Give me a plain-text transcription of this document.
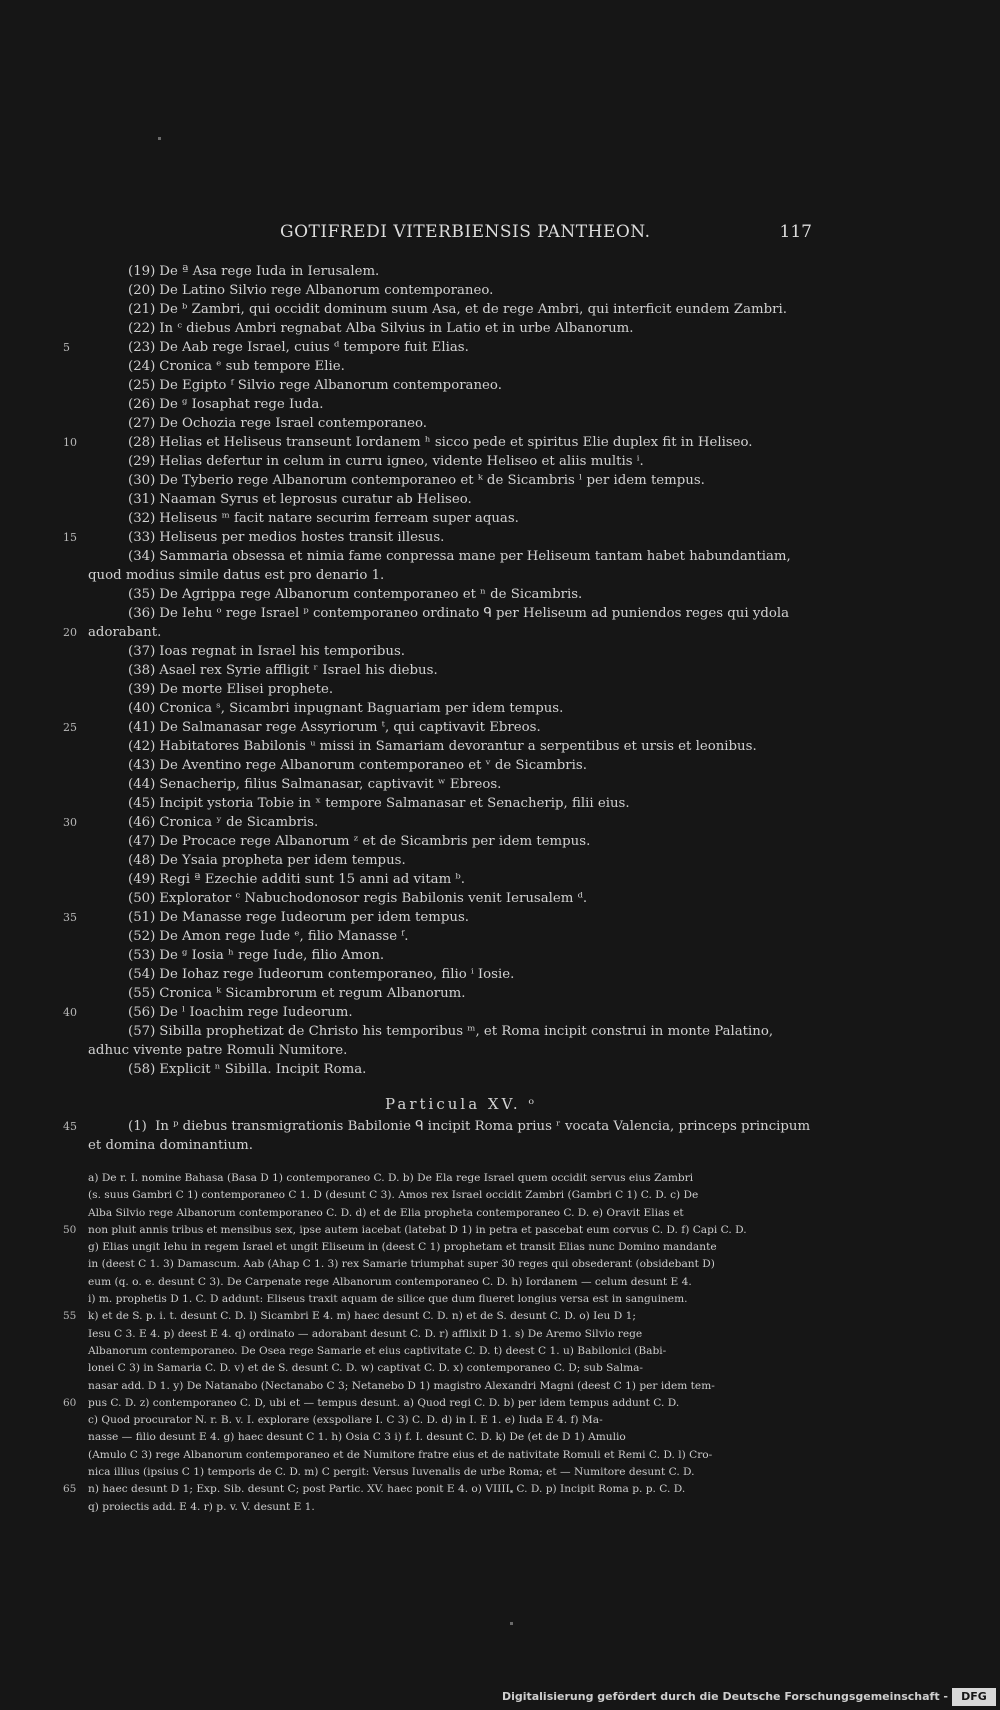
GOTIFREDI VITERBIENSIS PANTHEON.	117
(19) De ª Asa rege Iuda in Ierusalem.
(20) De Latino Silvio rege Albanorum contemporaneo.
(21) De ᵇ Zambri, qui occidit dominum suum Asa, et de rege Ambri, qui interficit eundem Zambri.
(22) In ᶜ diebus Ambri regnabat Alba Silvius in Latio et in urbe Albanorum.
5	(23) De Aab rege Israel, cuius ᵈ tempore fuit Elias.
(24) Cronica ᵉ sub tempore Elie.
(25) De Egipto ᶠ Silvio rege Albanorum contemporaneo.
(26) De ᵍ Iosaphat rege Iuda.
(27) De Ochozia rege Israel contemporaneo.
10	(28) Helias et Heliseus transeunt Iordanem ʰ sicco pede et spiritus Elie duplex fit in Heliseo.
(29) Helias defertur in celum in curru igneo, vidente Heliseo et aliis multis ⁱ.
(30) De Tyberio rege Albanorum contemporaneo et ᵏ de Sicambris ˡ per idem tempus.
(31) Naaman Syrus et leprosus curatur ab Heliseo.
(32) Heliseus ᵐ facit natare securim ferream super aquas.
15	(33) Heliseus per medios hostes transit illesus.
(34) Sammaria obsessa et nimia fame conpressa mane per Heliseum tantam habet habundantiam,
quod modius simile datus est pro denario 1.
(35) De Agrippa rege Albanorum contemporaneo et ⁿ de Sicambris.
(36) De Iehu ᵒ rege Israel ᵖ contemporaneo ordinato ᑫ per Heliseum ad puniendos reges qui ydola
20 adorabant.
(37) Ioas regnat in Israel his temporibus.
(38) Asael rex Syrie affligit ʳ Israel his diebus.
(39) De morte Elisei prophete.
(40) Cronica ˢ, Sicambri inpugnant Baguariam per idem tempus.
25	(41) De Salmanasar rege Assyriorum ᵗ, qui captivavit Ebreos.
(42) Habitatores Babilonis ᵘ missi in Samariam devorantur a serpentibus et ursis et leonibus.
(43) De Aventino rege Albanorum contemporaneo et ᵛ de Sicambris.
(44) Senacherip, filius Salmanasar, captivavit ʷ Ebreos.
(45) Incipit ystoria Tobie in ˣ tempore Salmanasar et Senacherip, filii eius.
30	(46) Cronica ʸ de Sicambris.
(47) De Procace rege Albanorum ᶻ et de Sicambris per idem tempus.
(48) De Ysaia propheta per idem tempus.
(49) Regi ª Ezechie additi sunt 15 anni ad vitam ᵇ.
(50) Explorator ᶜ Nabuchodonosor regis Babilonis venit Ierusalem ᵈ.
35	(51) De Manasse rege Iudeorum per idem tempus.
(52) De Amon rege Iude ᵉ, filio Manasse ᶠ.
(53) De ᵍ Iosia ʰ rege Iude, filio Amon.
(54) De Iohaz rege Iudeorum contemporaneo, filio ⁱ Iosie.
(55) Cronica ᵏ Sicambrorum et regum Albanorum.
40	(56) De ˡ Ioachim rege Iudeorum.
(57) Sibilla prophetizat de Christo his temporibus ᵐ, et Roma incipit construi in monte Palatino,
adhuc vivente patre Romuli Numitore.
(58) Explicit ⁿ Sibilla. Incipit Roma.
Particula XV. ᵒ
45	(1) In ᵖ diebus transmigrationis Babilonie ᑫ incipit Roma prius ʳ vocata Valencia, princeps principum
et domina dominantium.
a) De r. I. nomine Bahasa (Basa D 1) contemporaneo C. D. b) De Ela rege Israel quem occidit servus eius Zambri
(s. suus Gambri C 1) contemporaneo C 1. D (desunt C 3). Amos rex Israel occidit Zambri (Gambri C 1) C. D. c) De
Alba Silvio rege Albanorum contemporaneo C. D. d) et de Elia propheta contemporaneo C. D. e) Oravit Elias et
50 non pluit annis tribus et mensibus sex, ipse autem iacebat (latebat D 1) in petra et pascebat eum corvus C. D. f) Capi C. D.
g) Elias ungit Iehu in regem Israel et ungit Eliseum in (deest C 1) prophetam et transit Elias nunc Domino mandante
in (deest C 1. 3) Damascum. Aab (Ahap C 1. 3) rex Samarie triumphat super 30 reges qui obsederant (obsidebant D)
eum (q. o. e. desunt C 3). De Carpenate rege Albanorum contemporaneo C. D. h) Iordanem — celum desunt E 4.
i) m. prophetis D 1. C. D addunt: Eliseus traxit aquam de silice que dum flueret longius versa est in sanguinem.
55 k) et de S. p. i. t. desunt C. D. l) Sicambri E 4. m) haec desunt C. D. n) et de S. desunt C. D. o) Ieu D 1;
Iesu C 3. E 4. p) deest E 4. q) ordinato — adorabant desunt C. D. r) afflixit D 1. s) De Aremo Silvio rege
Albanorum contemporaneo. De Osea rege Samarie et eius captivitate C. D. t) deest C 1. u) Babilonici (Babi-
lonei C 3) in Samaria C. D. v) et de S. desunt C. D. w) captivat C. D. x) contemporaneo C. D; sub Salma-
nasar add. D 1. y) De Natanabo (Nectanabo C 3; Netanebo D 1) magistro Alexandri Magni (deest C 1) per idem tem-
60 pus C. D. z) contemporaneo C. D, ubi et — tempus desunt. a) Quod regi C. D. b) per idem tempus addunt C. D.
c) Quod procurator N. r. B. v. I. explorare (exspoliare I. C 3) C. D. d) in I. E 1. e) Iuda E 4. f) Ma-
nasse — filio desunt E 4. g) haec desunt C 1. h) Osia C 3 i) f. I. desunt C. D. k) De (et de D 1) Amulio
(Amulo C 3) rege Albanorum contemporaneo et de Numitore fratre eius et de nativitate Romuli et Remi C. D. l) Cro-
nica illius (ipsius C 1) temporis de C. D. m) C pergit: Versus Iuvenalis de urbe Roma; et — Numitore desunt C. D.
65 n) haec desunt D 1; Exp. Sib. desunt C; post Partic. XV. haec ponit E 4. o) VIIII. C. D. p) Incipit Roma p. p. C. D.
q) proiectis add. E 4. r) p. v. V. desunt E 1.
Digitalisierung gefördert durch die Deutsche Forschungsgemeinschaft -	DFG
